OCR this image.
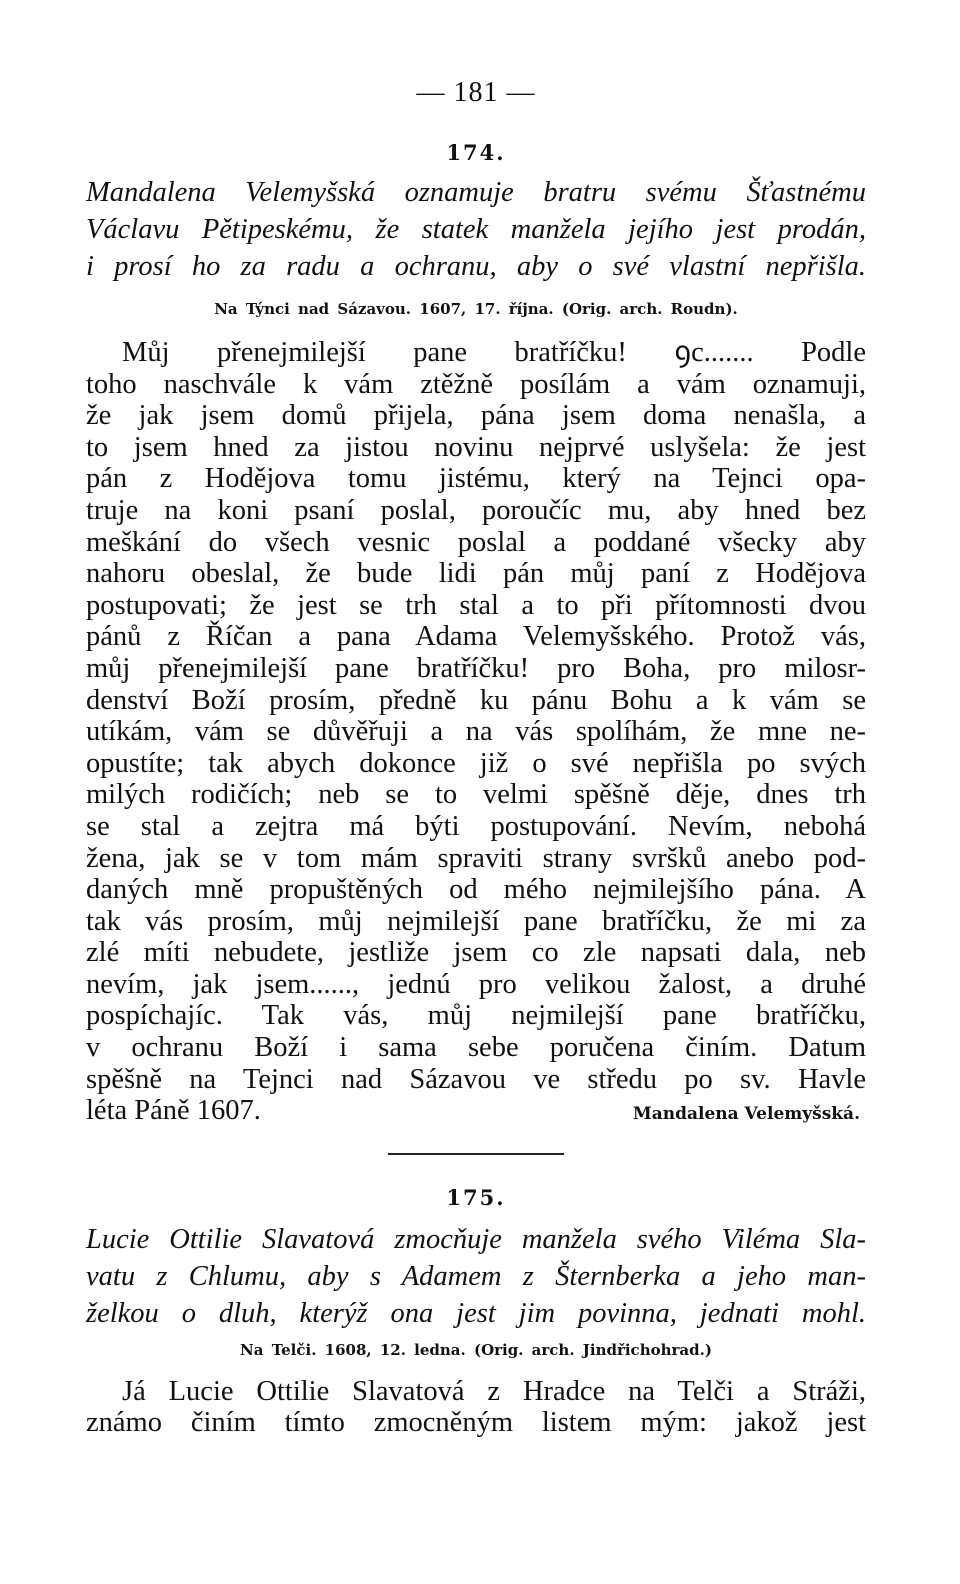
— 181 —
174.
Mandalena Velemyšská oznamuje bratru svému Šťastnému
Václavu Pětipeskému, že statek manžela jejího jest prodán,
i prosí ho za radu a ochranu, aby o své vlastní nepřišla.
Na Týnci nad Sázavou. 1607, 17. října. (Orig. arch. Roudn).
Můj přenejmilejší pane bratříčku! ꝯc....... Podle
toho naschvále k vám ztěžně posílám a vám oznamuji,
že jak jsem domů přijela, pána jsem doma nenašla, a
to jsem hned za jistou novinu nejprvé uslyšela: že jest
pán z Hodějova tomu jistému, který na Tejnci opa-
truje na koni psaní poslal, poroučíc mu, aby hned bez
meškání do všech vesnic poslal a poddané všecky aby
nahoru obeslal, že bude lidi pán můj paní z Hodějova
postupovati; že jest se trh stal a to při přítomnosti dvou
pánů z Říčan a pana Adama Velemyšského. Protož vás,
můj přenejmilejší pane bratříčku! pro Boha, pro milosr-
denství Boží prosím, předně ku pánu Bohu a k vám se
utíkám, vám se důvěřuji a na vás spolíhám, že mne ne-
opustíte; tak abych dokonce již o své nepřišla po svých
milých rodičích; neb se to velmi spěšně děje, dnes trh
se stal a zejtra má býti postupování. Nevím, nebohá
žena, jak se v tom mám spraviti strany svršků anebo pod-
daných mně propuštěných od mého nejmilejšího pána. A
tak vás prosím, můj nejmilejší pane bratříčku, že mi za
zlé míti nebudete, jestliže jsem co zle napsati dala, neb
nevím, jak jsem......, jednú pro velikou žalost, a druhé
pospíchajíc. Tak vás, můj nejmilejší pane bratříčku,
v ochranu Boží i sama sebe poručena činím. Datum
spěšně na Tejnci nad Sázavou ve středu po sv. Havle
léta Páně 1607.	Mandalena Velemyšská.
175.
Lucie Ottilie Slavatová zmocňuje manžela svého Viléma Sla-
vatu z Chlumu, aby s Adamem z Šternberka a jeho man-
želkou o dluh, kterýž ona jest jim povinna, jednati mohl.
Na Telči. 1608, 12. ledna. (Orig. arch. Jindřichohrad.)
Já Lucie Ottilie Slavatová z Hradce na Telči a Stráži,
známo činím tímto zmocněným listem mým: jakož jest
